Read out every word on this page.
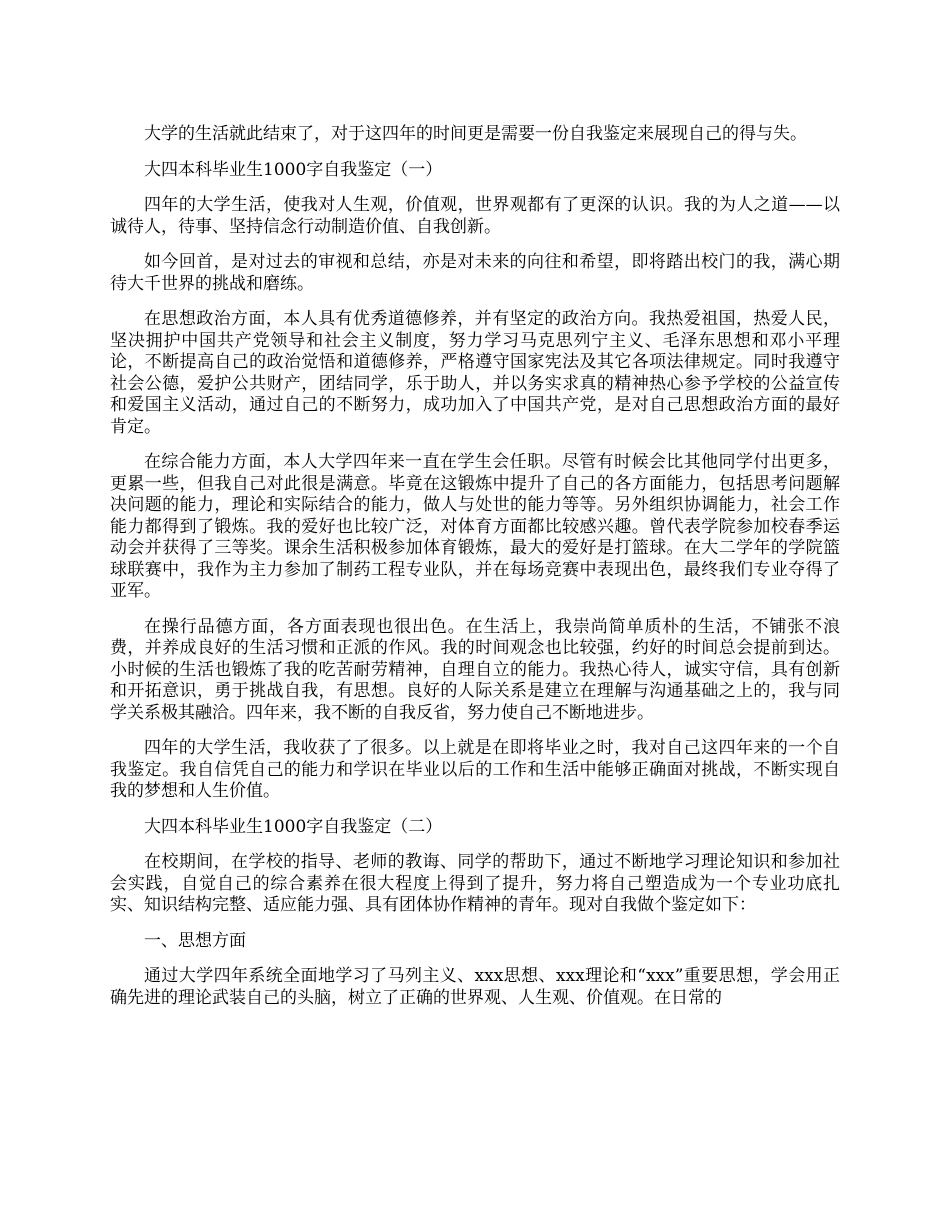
大学的生活就此结束了，对于这四年的时间更是需要一份自我鉴定来展现自己的得与失。

大四本科毕业生1000字自我鉴定（一）

四年的大学生活，使我对人生观，价值观，世界观都有了更深的认识。我的为人之道——以诚待人，待事、坚持信念行动制造价值、自我创新。

如今回首，是对过去的审视和总结，亦是对未来的向往和希望，即将踏出校门的我，满心期待大千世界的挑战和磨练。

在思想政治方面，本人具有优秀道德修养，并有坚定的政治方向。我热爱祖国，热爱人民，坚决拥护中国共产党领导和社会主义制度，努力学习马克思列宁主义、毛泽东思想和邓小平理论，不断提高自己的政治觉悟和道德修养，严格遵守国家宪法及其它各项法律规定。同时我遵守社会公德，爱护公共财产，团结同学，乐于助人，并以务实求真的精神热心参予学校的公益宣传和爱国主义活动，通过自己的不断努力，成功加入了中国共产党，是对自己思想政治方面的最好肯定。

在综合能力方面，本人大学四年来一直在学生会任职。尽管有时候会比其他同学付出更多，更累一些，但我自己对此很是满意。毕竟在这锻炼中提升了自己的各方面能力，包括思考问题解决问题的能力，理论和实际结合的能力，做人与处世的能力等等。另外组织协调能力，社会工作能力都得到了锻炼。我的爱好也比较广泛，对体育方面都比较感兴趣。曾代表学院参加校春季运动会并获得了三等奖。课余生活积极参加体育锻炼，最大的爱好是打篮球。在大二学年的学院篮球联赛中，我作为主力参加了制药工程专业队，并在每场竞赛中表现出色，最终我们专业夺得了亚军。

在操行品德方面，各方面表现也很出色。在生活上，我崇尚简单质朴的生活，不铺张不浪费，并养成良好的生活习惯和正派的作风。我的时间观念也比较强，约好的时间总会提前到达。小时候的生活也锻炼了我的吃苦耐劳精神，自理自立的能力。我热心待人，诚实守信，具有创新和开拓意识，勇于挑战自我，有思想。良好的人际关系是建立在理解与沟通基础之上的，我与同学关系极其融洽。四年来，我不断的自我反省，努力使自己不断地进步。

四年的大学生活，我收获了了很多。以上就是在即将毕业之时，我对自己这四年来的一个自我鉴定。我自信凭自己的能力和学识在毕业以后的工作和生活中能够正确面对挑战，不断实现自我的梦想和人生价值。

大四本科毕业生1000字自我鉴定（二）

在校期间，在学校的指导、老师的教诲、同学的帮助下，通过不断地学习理论知识和参加社会实践，自觉自己的综合素养在很大程度上得到了提升，努力将自己塑造成为一个专业功底扎实、知识结构完整、适应能力强、具有团体协作精神的青年。现对自我做个鉴定如下：

一、思想方面

通过大学四年系统全面地学习了马列主义、xxx思想、xxx理论和“xxx”重要思想，学会用正确先进的理论武装自己的头脑，树立了正确的世界观、人生观、价值观。在日常的
